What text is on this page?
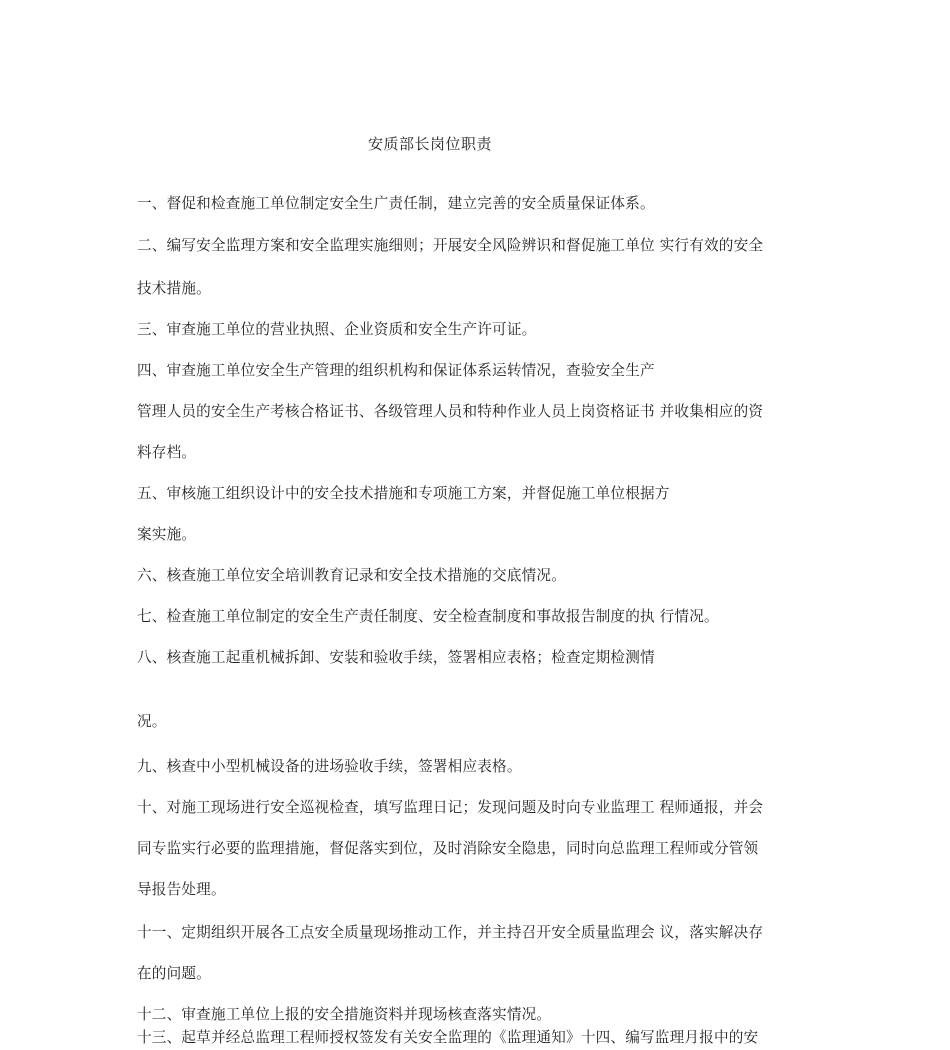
安质部长岗位职责
一、督促和检查施工单位制定安全生广责任制，建立完善的安全质量保证体系。
二、编写安全监理方案和安全监理实施细则；开展安全风险辨识和督促施工单位 实行有效的安全
技术措施。
三、审查施工单位的营业执照、企业资质和安全生产许可证。
四、审查施工单位安全生产管理的组织机构和保证体系运转情况，查验安全生产
管理人员的安全生产考核合格证书、各级管理人员和特种作业人员上岗资格证书 并收集相应的资
料存档。
五、审核施工组织设计中的安全技术措施和专项施工方案，并督促施工单位根据方
案实施。
六、核查施工单位安全培训教育记录和安全技术措施的交底情况。
七、检查施工单位制定的安全生产责任制度、安全检查制度和事故报告制度的执 行情况。
八、核查施工起重机械拆卸、安装和验收手续，签署相应表格；检查定期检测情
况。
九、核查中小型机械设备的进场验收手续，签署相应表格。
十、对施工现场进行安全巡视检查，填写监理日记；发现问题及时向专业监理工 程师通报，并会
同专监实行必要的监理措施，督促落实到位，及时消除安全隐患，同时向总监理工程师或分管领
导报告处理。
十一、定期组织开展各工点安全质量现场推动工作，并主持召开安全质量监理会 议，落实解决存
在的问题。
十二、审查施工单位上报的安全措施资料并现场核查落实情况。
十三、起草并经总监理工程师授权签发有关安全监理的《监理通知》十四、编写监理月报中的安
